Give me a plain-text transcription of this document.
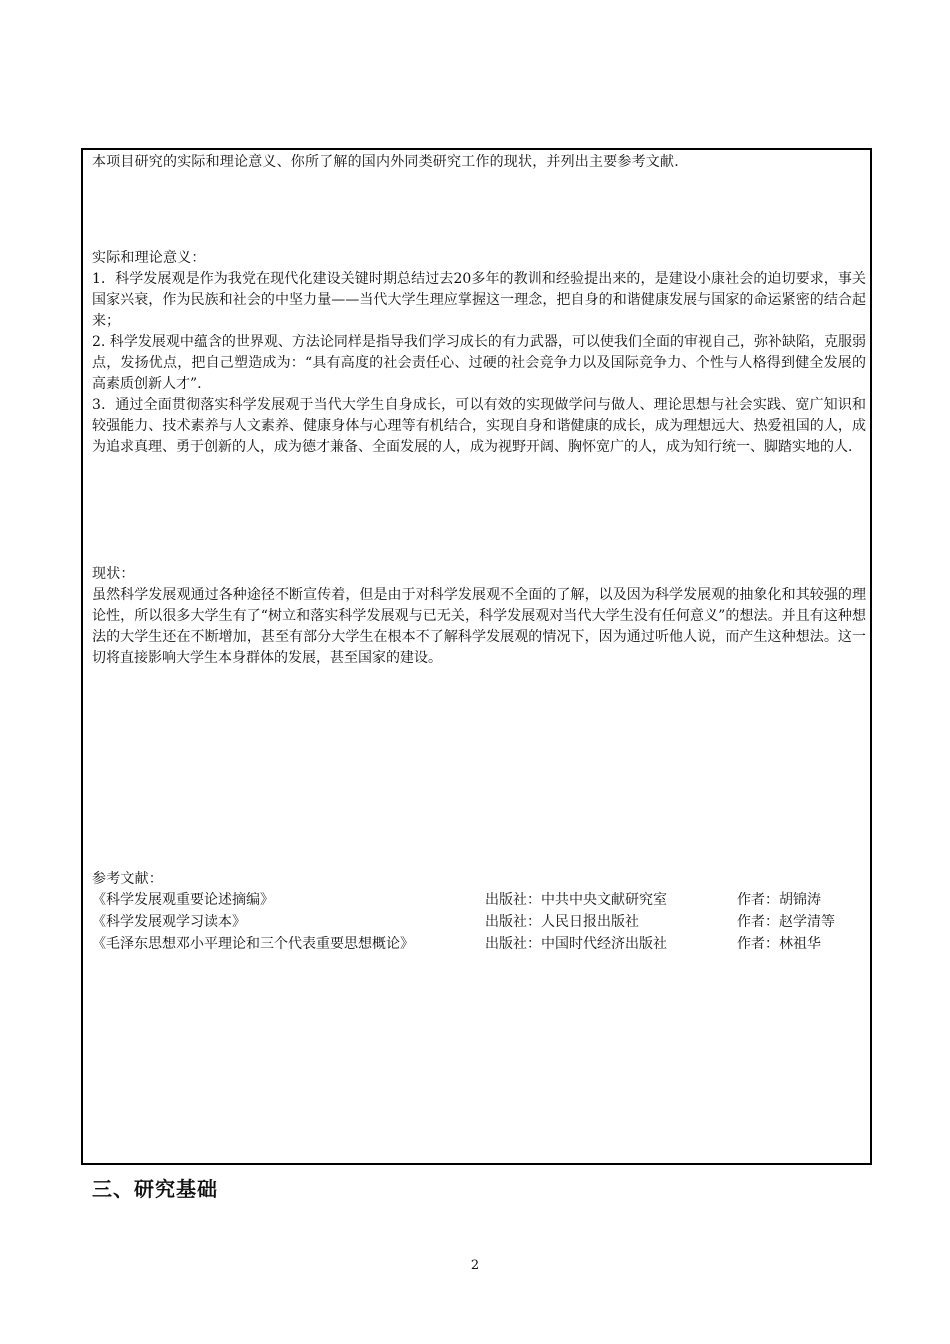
本项目研究的实际和理论意义、你所了解的国内外同类研究工作的现状，并列出主要参考文献.
实际和理论意义：

1．科学发展观是作为我党在现代化建设关键时期总结过去20多年的教训和经验提出来的，是建设小康社会的迫切要求，事关国家兴衰，作为民族和社会的中坚力量——当代大学生理应掌握这一理念，把自身的和谐健康发展与国家的命运紧密的结合起来；

2. 科学发展观中蕴含的世界观、方法论同样是指导我们学习成长的有力武器，可以使我们全面的审视自己，弥补缺陷，克服弱点，发扬优点，把自己塑造成为：“具有高度的社会责任心、过硬的社会竞争力以及国际竞争力、个性与人格得到健全发展的高素质创新人才”.

3．通过全面贯彻落实科学发展观于当代大学生自身成长，可以有效的实现做学问与做人、理论思想与社会实践、宽广知识和较强能力、技术素养与人文素养、健康身体与心理等有机结合，实现自身和谐健康的成长，成为理想远大、热爱祖国的人，成为追求真理、勇于创新的人，成为德才兼备、全面发展的人，成为视野开阔、胸怀宽广的人，成为知行统一、脚踏实地的人.

现状：

虽然科学发展观通过各种途径不断宣传着，但是由于对科学发展观不全面的了解，以及因为科学发展观的抽象化和其较强的理论性，所以很多大学生有了“树立和落实科学发展观与已无关，科学发展观对当代大学生没有任何意义”的想法。并且有这种想法的大学生还在不断增加，甚至有部分大学生在根本不了解科学发展观的情况下，因为通过听他人说，而产生这种想法。这一切将直接影响大学生本身群体的发展，甚至国家的建设。

参考文献：
《科学发展观重要论述摘编》	出版社：中共中央文献研究室	作者：胡锦涛
《科学发展观学习读本》	出版社：人民日报出版社	作者：赵学清等
《毛泽东思想邓小平理论和三个代表重要思想概论》	出版社：中国时代经济出版社	作者：林祖华
三、研究基础
2
